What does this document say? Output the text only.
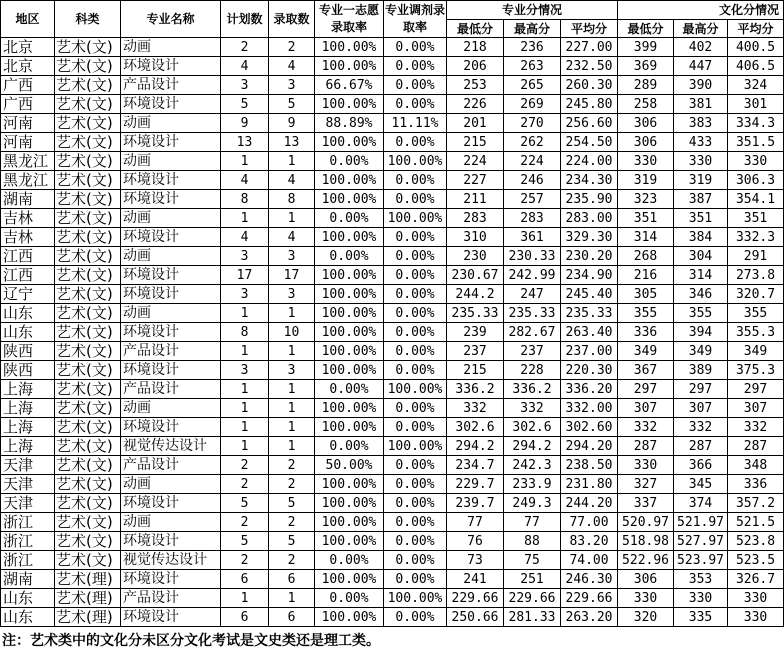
地区	科类	专业名称	计划数	录取数	专业一志愿录取率	专业调剂录取率	专业分情况			文化分情况		
							最低分	最高分	平均分	最低分	最高分	平均分
北京	艺术(文)	动画	2	2	100.00%	0.00%	218	236	227.00	399	402	400.5
北京	艺术(文)	环境设计	4	4	100.00%	0.00%	206	263	232.50	369	447	406.5
广西	艺术(文)	产品设计	3	3	66.67%	0.00%	253	265	260.30	289	390	324
广西	艺术(文)	环境设计	5	5	100.00%	0.00%	226	269	245.80	258	381	301
河南	艺术(文)	动画	9	9	88.89%	11.11%	201	270	256.60	306	383	334.3
河南	艺术(文)	环境设计	13	13	100.00%	0.00%	215	262	254.50	306	433	351.5
黑龙江	艺术(文)	动画	1	1	0.00%	100.00%	224	224	224.00	330	330	330
黑龙江	艺术(文)	环境设计	4	4	100.00%	0.00%	227	246	234.30	319	319	306.3
湖南	艺术(文)	环境设计	8	8	100.00%	0.00%	211	257	235.90	323	387	354.1
吉林	艺术(文)	动画	1	1	0.00%	100.00%	283	283	283.00	351	351	351
吉林	艺术(文)	环境设计	4	4	100.00%	0.00%	310	361	329.30	314	384	332.3
江西	艺术(文)	动画	3	3	0.00%	0.00%	230	230.33	230.20	268	304	291
江西	艺术(文)	环境设计	17	17	100.00%	0.00%	230.67	242.99	234.90	216	314	273.8
辽宁	艺术(文)	环境设计	3	3	100.00%	0.00%	244.2	247	245.40	305	346	320.7
山东	艺术(文)	动画	1	1	100.00%	0.00%	235.33	235.33	235.33	355	355	355
山东	艺术(文)	环境设计	8	10	100.00%	0.00%	239	282.67	263.40	336	394	355.3
陕西	艺术(文)	产品设计	1	1	100.00%	0.00%	237	237	237.00	349	349	349
陕西	艺术(文)	环境设计	3	3	100.00%	0.00%	215	228	220.30	367	389	375.3
上海	艺术(文)	产品设计	1	1	0.00%	100.00%	336.2	336.2	336.20	297	297	297
上海	艺术(文)	动画	1	1	100.00%	0.00%	332	332	332.00	307	307	307
上海	艺术(文)	环境设计	1	1	100.00%	0.00%	302.6	302.6	302.60	332	332	332
上海	艺术(文)	视觉传达设计	1	1	0.00%	100.00%	294.2	294.2	294.20	287	287	287
天津	艺术(文)	产品设计	2	2	50.00%	0.00%	234.7	242.3	238.50	330	366	348
天津	艺术(文)	动画	2	2	100.00%	0.00%	229.7	233.9	231.80	327	345	336
天津	艺术(文)	环境设计	5	5	100.00%	0.00%	239.7	249.3	244.20	337	374	357.2
浙江	艺术(文)	动画	2	2	100.00%	0.00%	77	77	77.00	520.97	521.97	521.5
浙江	艺术(文)	环境设计	5	5	100.00%	0.00%	76	88	83.20	518.98	527.97	523.8
浙江	艺术(文)	视觉传达设计	2	2	0.00%	0.00%	73	75	74.00	522.96	523.97	523.5
湖南	艺术(理)	环境设计	6	6	100.00%	0.00%	241	251	246.30	306	353	326.7
山东	艺术(理)	产品设计	1	1	0.00%	100.00%	229.66	229.66	229.66	330	330	330
山东	艺术(理)	环境设计	6	6	100.00%	0.00%	250.66	281.33	263.20	320	335	330
注：艺术类中的文化分未区分文化考试是文史类还是理工类。
